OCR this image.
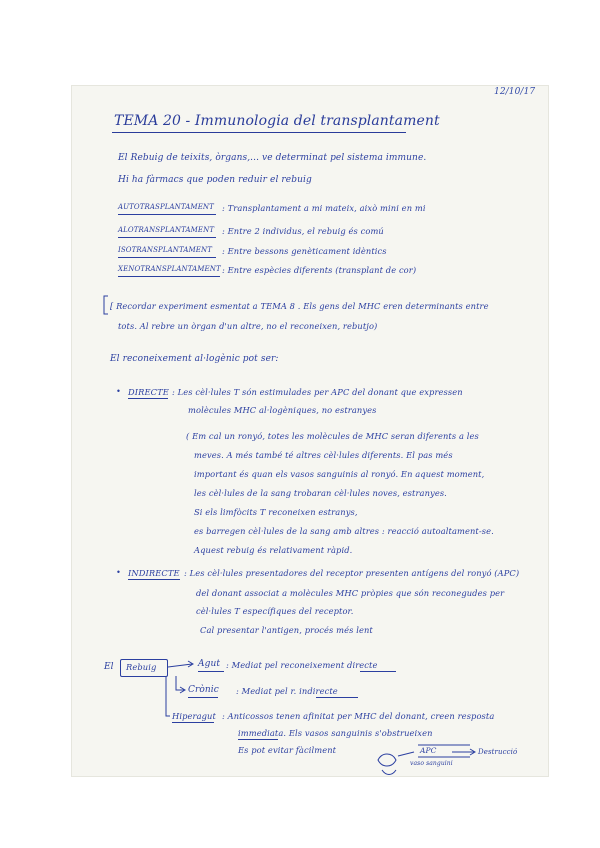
12/10/17
TEMA 20 - Immunologia del transplantament
El Rebuig de teixits, òrgans,... ve determinat pel sistema immune.
Hi ha fàrmacs que poden reduir el rebuig
AUTOTRASPLANTAMENT : Transplantament a mi mateix, això mini en mi
ALOTRANSPLANTAMENT : Entre 2 individus, el rebuig és comú
ISOTRANSPLANTAMENT : Entre bessons genèticament idèntics
XENOTRANSPLANTAMENT : Entre espècies diferents (transplant de cor)
[ Recordar experiment esmentat a TEMA 8 . Els gens del MHC eren determinants entre
tots. Al rebre un òrgan d'un altre, no el reconeixen, rebutjo)
El reconeixement al·logènic pot ser:
• DIRECTE : Les cèl·lules T són estimulades per APC del donant que expressen
molècules MHC al·logèniques, no estranyes
( Em cal un ronyó, totes les molècules de MHC seran diferents a les
meves. A més també té altres cèl·lules diferents. El pas més
important és quan els vasos sanguinis al ronyó. En aquest moment,
les cèl·lules de la sang trobaran cèl·lules noves, estranyes.
Si els limfòcits T reconeixen estranys,
es barregen cèl·lules de la sang amb altres : reacció autoaltament-se.
Aquest rebuig és relativament ràpid.
• INDIRECTE : Les cèl·lules presentadores del receptor presenten antígens del ronyó (APC)
del donant associat a molècules MHC pròpies que són reconegudes per
cèl·lules T específiques del receptor.
Cal presentar l'antigen, procés més lent
El Rebuig	Agut : Mediat pel reconeixement directe
Crònic : Mediat pel r. indirecte
Hiperagut : Anticossos tenen afinitat per MHC del donant, creen resposta
immediata. Els vasos sanguinis s'obstrueixen
Es pot evitar fàcilment	APC
vaso sanguini
Destrucció
